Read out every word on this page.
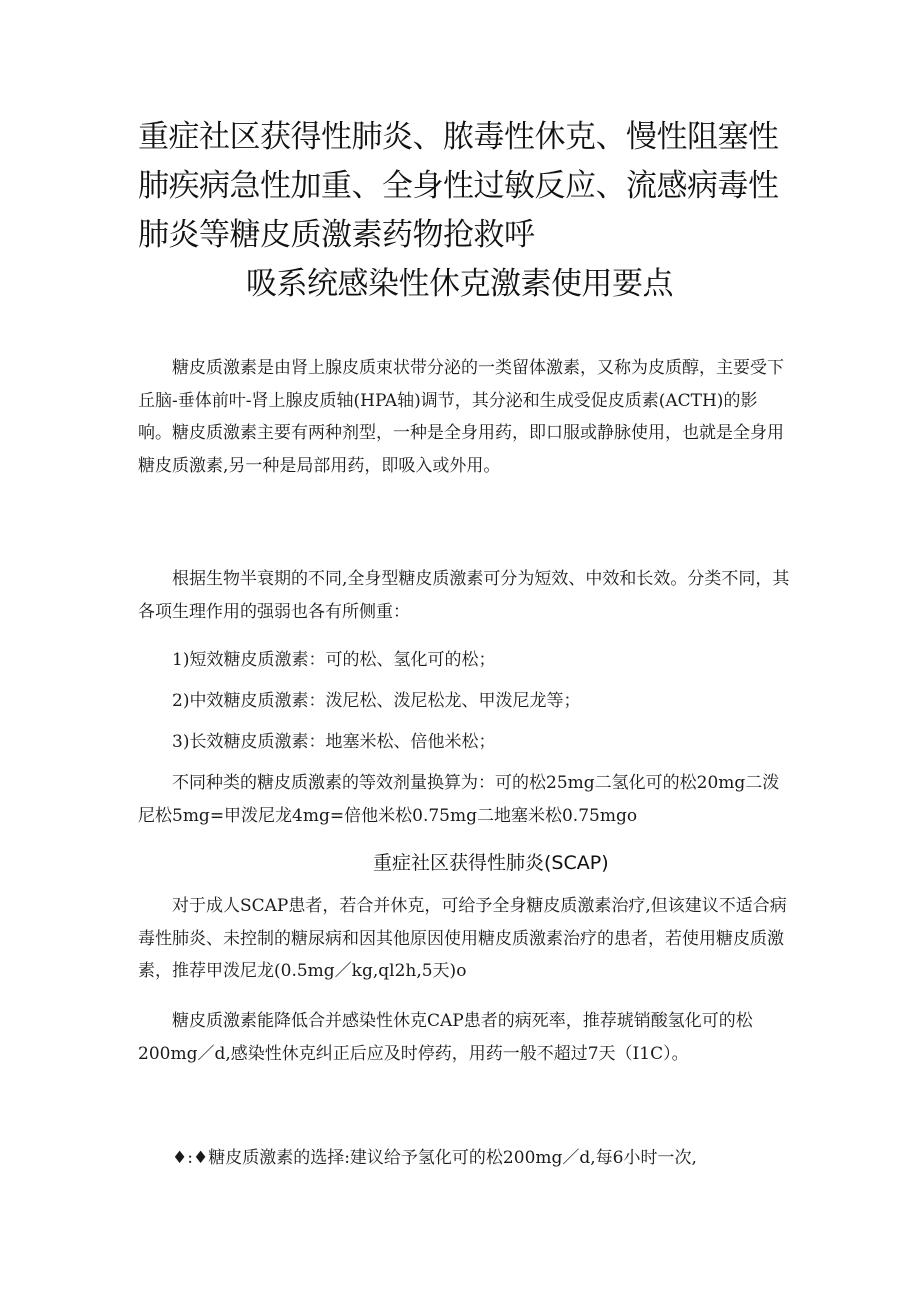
重症社区获得性肺炎、脓毒性休克、慢性阻塞性
肺疾病急性加重、全身性过敏反应、流感病毒性
肺炎等糖皮质激素药物抢救呼
吸系统感染性休克激素使用要点

糖皮质激素是由肾上腺皮质束状带分泌的一类留体激素，又称为皮质醇，主要受下丘脑-垂体前叶-肾上腺皮质轴(HPA轴)调节，其分泌和生成受促皮质素(ACTH)的影响。糖皮质激素主要有两种剂型，一种是全身用药，即口服或静脉使用，也就是全身用糖皮质激素,另一种是局部用药，即吸入或外用。

根据生物半衰期的不同,全身型糖皮质激素可分为短效、中效和长效。分类不同，其各项生理作用的强弱也各有所侧重：

1)短效糖皮质激素：可的松、氢化可的松；

2)中效糖皮质激素：泼尼松、泼尼松龙、甲泼尼龙等；

3)长效糖皮质激素：地塞米松、倍他米松；

不同种类的糖皮质激素的等效剂量换算为：可的松25mg二氢化可的松20mg二泼尼松5mg=甲泼尼龙4mg=倍他米松0.75mg二地塞米松0.75mgo

重症社区获得性肺炎(SCAP)

对于成人SCAP患者，若合并休克，可给予全身糖皮质激素治疗,但该建议不适合病毒性肺炎、未控制的糖尿病和因其他原因使用糖皮质激素治疗的患者，若使用糖皮质激素，推荐甲泼尼龙(0.5mg／kg,ql2h,5天)o

糖皮质激素能降低合并感染性休克CAP患者的病死率，推荐琥销酸氢化可的松200mg／d,感染性休克纠正后应及时停药，用药一般不超过7天（I1C）。

♦:♦糖皮质激素的选择:建议给予氢化可的松200mg／d,每6小时一次,
